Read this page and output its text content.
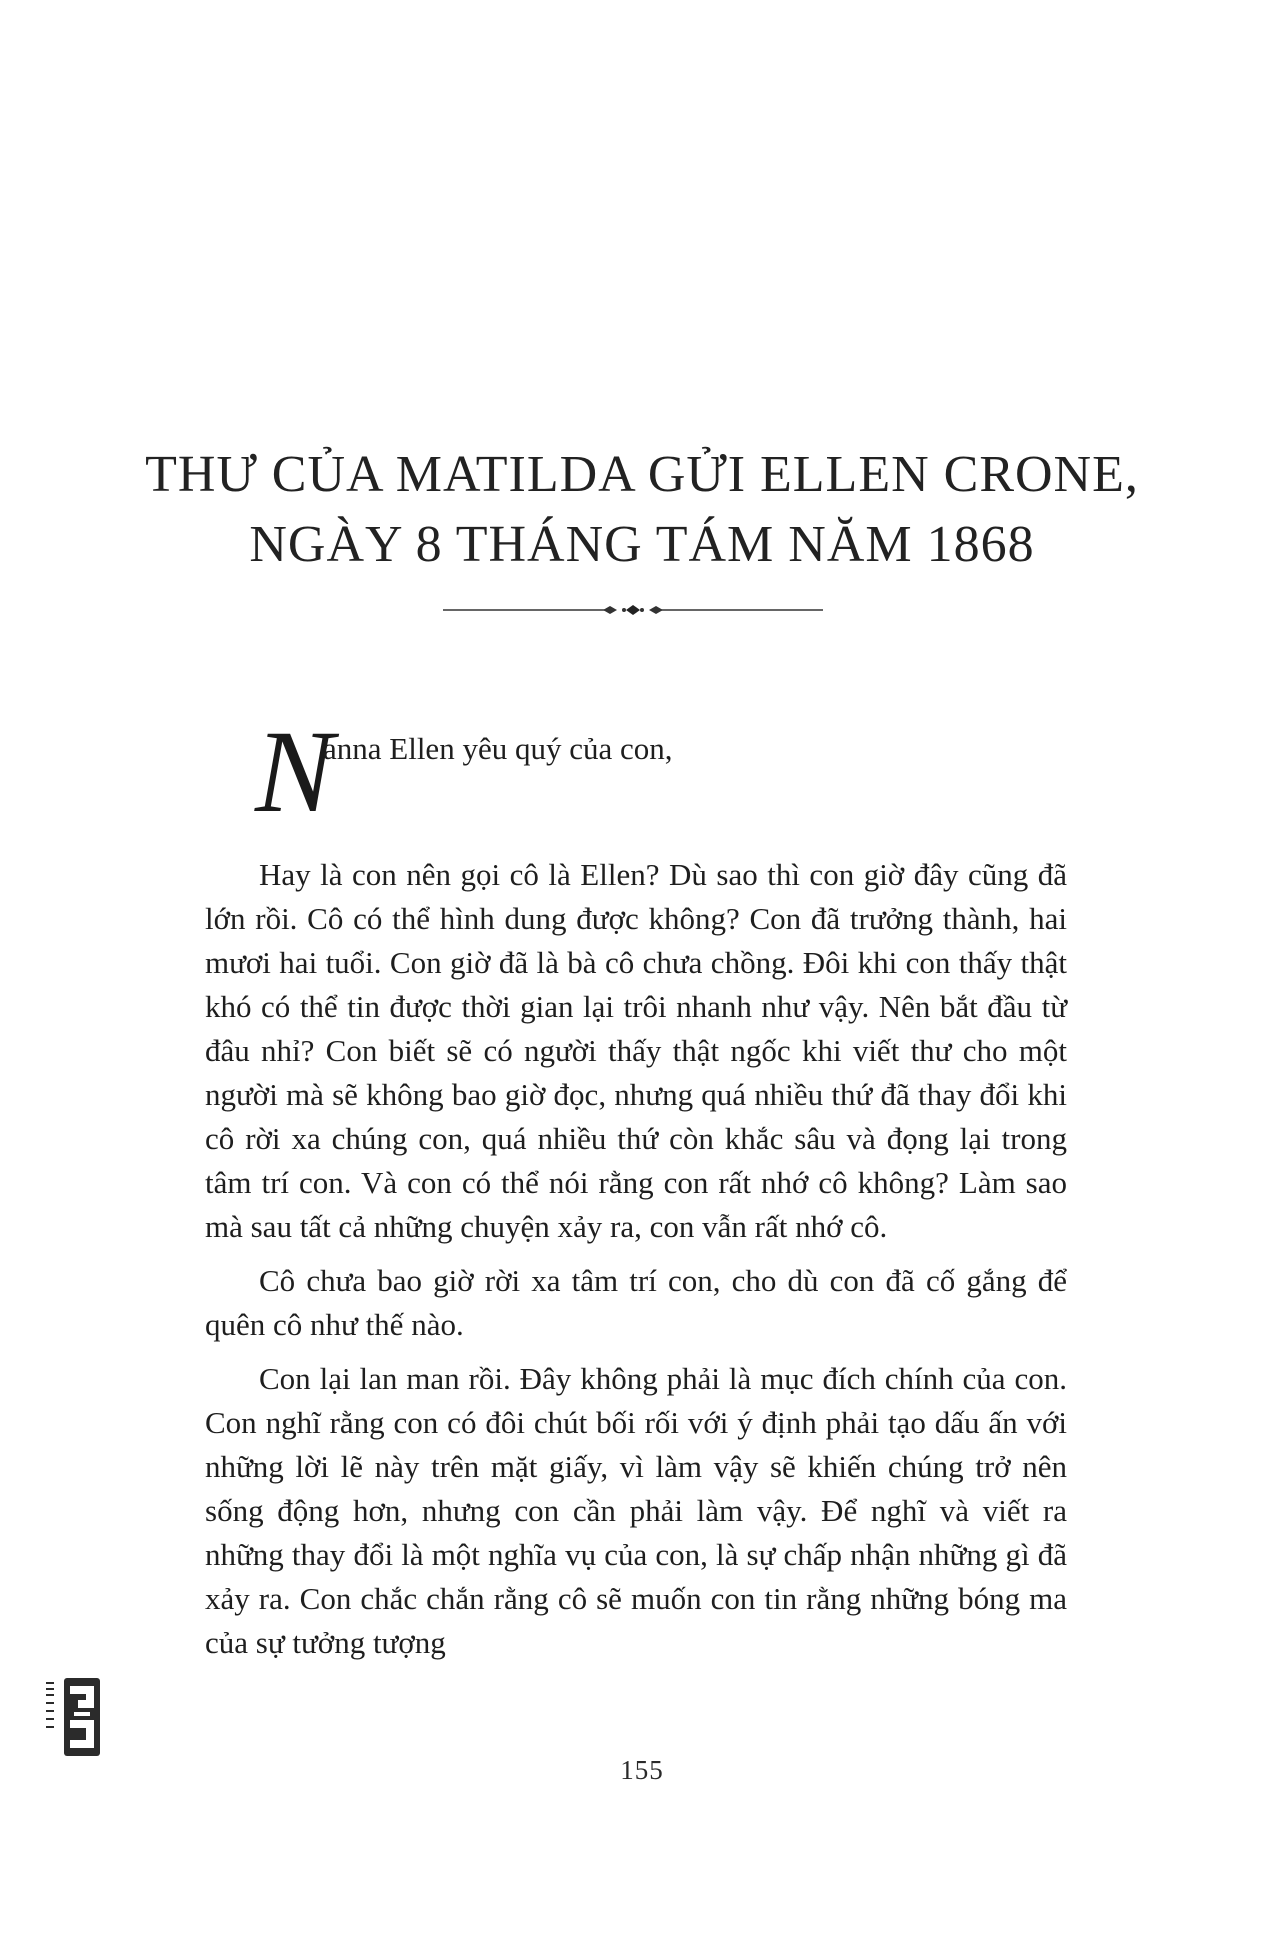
THƯ CỦA MATILDA GỬI ELLEN CRONE,
NGÀY 8 THÁNG TÁM NĂM 1868
N
anna Ellen yêu quý của con,

Hay là con nên gọi cô là Ellen? Dù sao thì con giờ đây cũng đã lớn rồi. Cô có thể hình dung được không? Con đã trưởng thành, hai mươi hai tuổi. Con giờ đã là bà cô chưa chồng. Đôi khi con thấy thật khó có thể tin được thời gian lại trôi nhanh như vậy. Nên bắt đầu từ đâu nhỉ? Con biết sẽ có người thấy thật ngốc khi viết thư cho một người mà sẽ không bao giờ đọc, nhưng quá nhiều thứ đã thay đổi khi cô rời xa chúng con, quá nhiều thứ còn khắc sâu và đọng lại trong tâm trí con. Và con có thể nói rằng con rất nhớ cô không? Làm sao mà sau tất cả những chuyện xảy ra, con vẫn rất nhớ cô.

Cô chưa bao giờ rời xa tâm trí con, cho dù con đã cố gắng để quên cô như thế nào.

Con lại lan man rồi. Đây không phải là mục đích chính của con. Con nghĩ rằng con có đôi chút bối rối với ý định phải tạo dấu ấn với những lời lẽ này trên mặt giấy, vì làm vậy sẽ khiến chúng trở nên sống động hơn, nhưng con cần phải làm vậy. Để nghĩ và viết ra những thay đổi là một nghĩa vụ của con, là sự chấp nhận những gì đã xảy ra. Con chắc chắn rằng cô sẽ muốn con tin rằng những bóng ma của sự tưởng tượng

155
